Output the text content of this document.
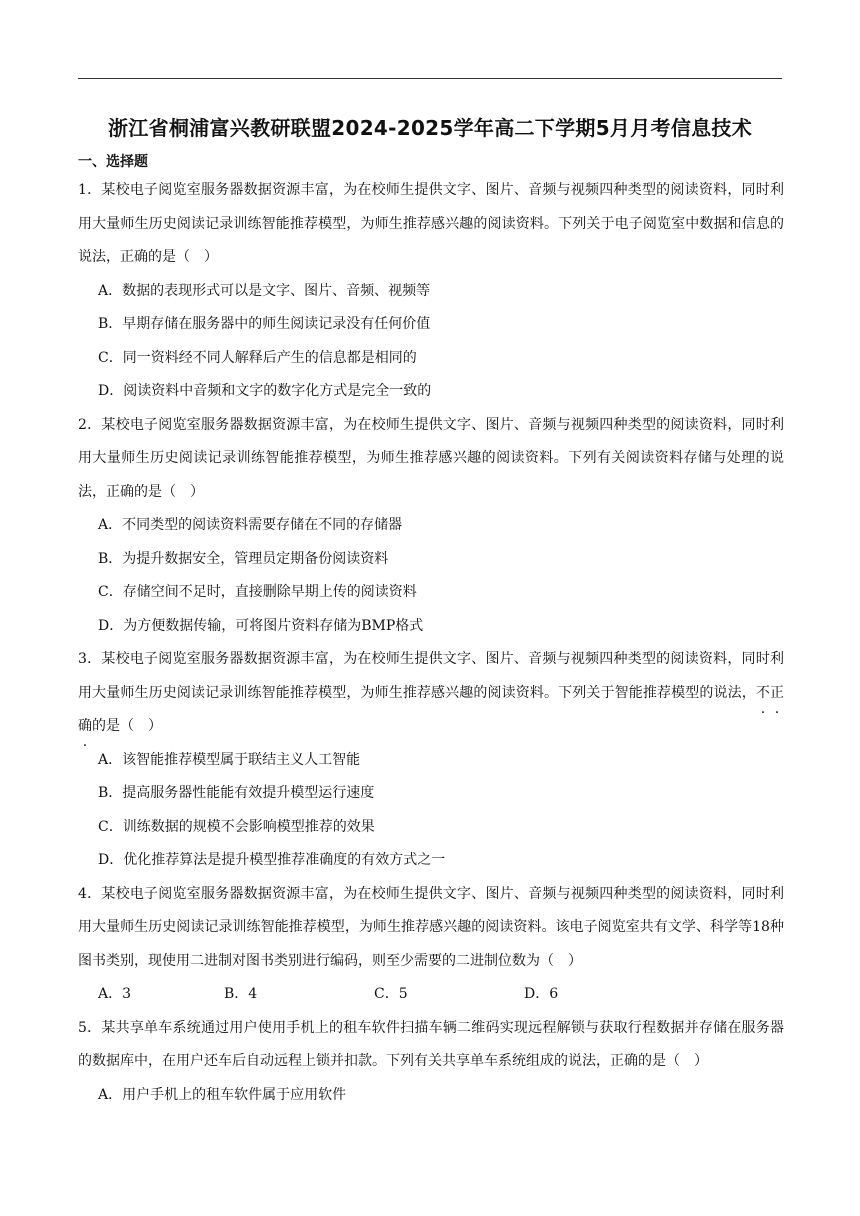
浙江省桐浦富兴教研联盟2024-2025学年高二下学期5月月考信息技术
一、选择题

1．某校电子阅览室服务器数据资源丰富，为在校师生提供文字、图片、音频与视频四种类型的阅读资料，同时利用大量师生历史阅读记录训练智能推荐模型，为师生推荐感兴趣的阅读资料。下列关于电子阅览室中数据和信息的说法，正确的是（　）

A．数据的表现形式可以是文字、图片、音频、视频等

B．早期存储在服务器中的师生阅读记录没有任何价值

C．同一资料经不同人解释后产生的信息都是相同的

D．阅读资料中音频和文字的数字化方式是完全一致的

2．某校电子阅览室服务器数据资源丰富，为在校师生提供文字、图片、音频与视频四种类型的阅读资料，同时利用大量师生历史阅读记录训练智能推荐模型，为师生推荐感兴趣的阅读资料。下列有关阅读资料存储与处理的说法，正确的是（　）

A．不同类型的阅读资料需要存储在不同的存储器

B．为提升数据安全，管理员定期备份阅读资料

C．存储空间不足时，直接删除早期上传的阅读资料

D．为方便数据传输，可将图片资料存储为BMP格式

3．某校电子阅览室服务器数据资源丰富，为在校师生提供文字、图片、音频与视频四种类型的阅读资料，同时利用大量师生历史阅读记录训练智能推荐模型，为师生推荐感兴趣的阅读资料。下列关于智能推荐模型的说法，不正确的是（　）

A．该智能推荐模型属于联结主义人工智能

B．提高服务器性能能有效提升模型运行速度

C．训练数据的规模不会影响模型推荐的效果

D．优化推荐算法是提升模型推荐准确度的有效方式之一

4．某校电子阅览室服务器数据资源丰富，为在校师生提供文字、图片、音频与视频四种类型的阅读资料，同时利用大量师生历史阅读记录训练智能推荐模型，为师生推荐感兴趣的阅读资料。该电子阅览室共有文学、科学等18种图书类别，现使用二进制对图书类别进行编码，则至少需要的二进制位数为（　）

A．3	B．4	C．5	D．6

5．某共享单车系统通过用户使用手机上的租车软件扫描车辆二维码实现远程解锁与获取行程数据并存储在服务器的数据库中，在用户还车后自动远程上锁并扣款。下列有关共享单车系统组成的说法，正确的是（　）

A．用户手机上的租车软件属于应用软件
